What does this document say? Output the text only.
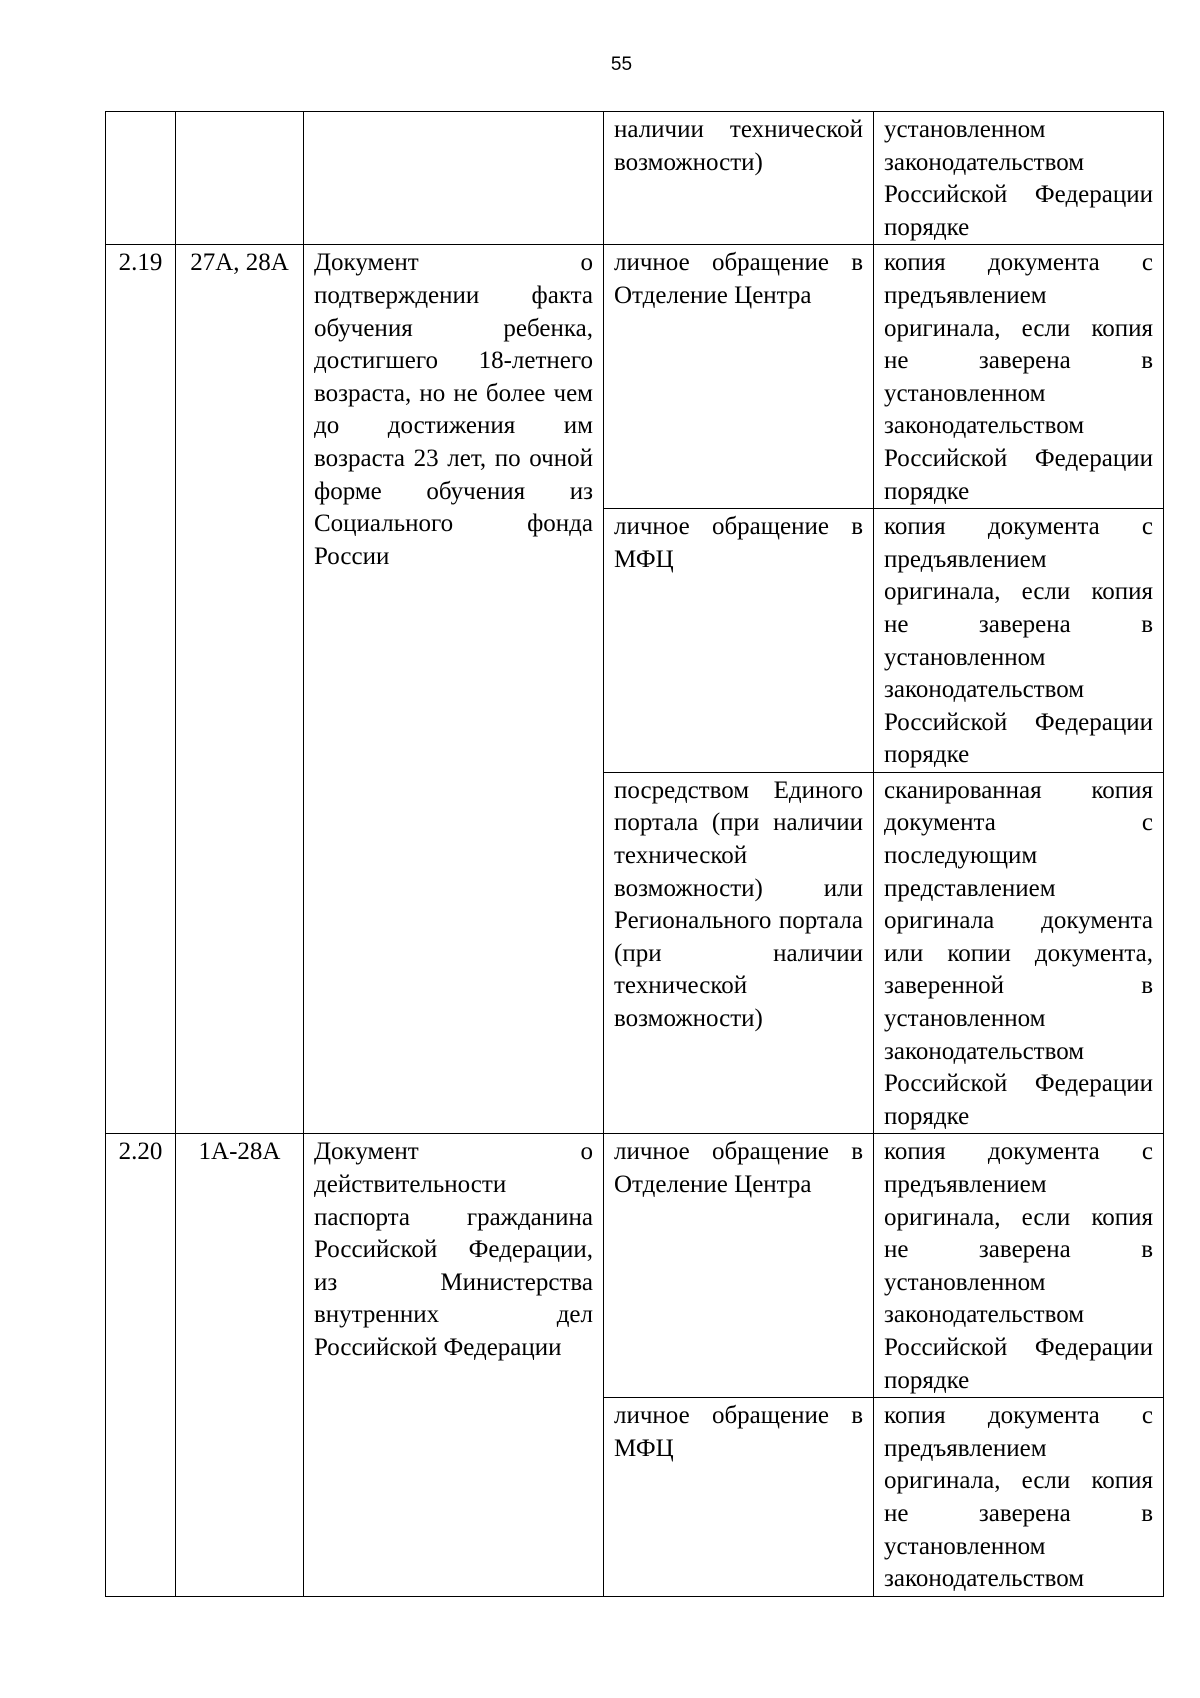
55
			наличии технической возможности)	установленном законодательством Российской Федерации порядке
2.19	27А, 28А	Документ о подтверждении факта обучения ребенка, достигшего 18-летнего возраста, но не более чем до достижения им возраста 23 лет, по очной форме обучения из Социального фонда России	личное обращение в Отделение Центра	копия документа с предъявлением оригинала, если копия не заверена в установленном законодательством Российской Федерации порядке
			личное обращение в МФЦ	копия документа с предъявлением оригинала, если копия не заверена в установленном законодательством Российской Федерации порядке
			посредством Единого портала (при наличии технической возможности) или Регионального портала (при наличии технической возможности)	сканированная копия документа с последующим представлением оригинала документа или копии документа, заверенной в установленном законодательством Российской Федерации порядке
2.20	1А-28А	Документ о действительности паспорта гражданина Российской Федерации, из Министерства внутренних дел Российской Федерации	личное обращение в Отделение Центра	копия документа с предъявлением оригинала, если копия не заверена в установленном законодательством Российской Федерации порядке
			личное обращение в МФЦ	копия документа с предъявлением оригинала, если копия не заверена в установленном законодательством
